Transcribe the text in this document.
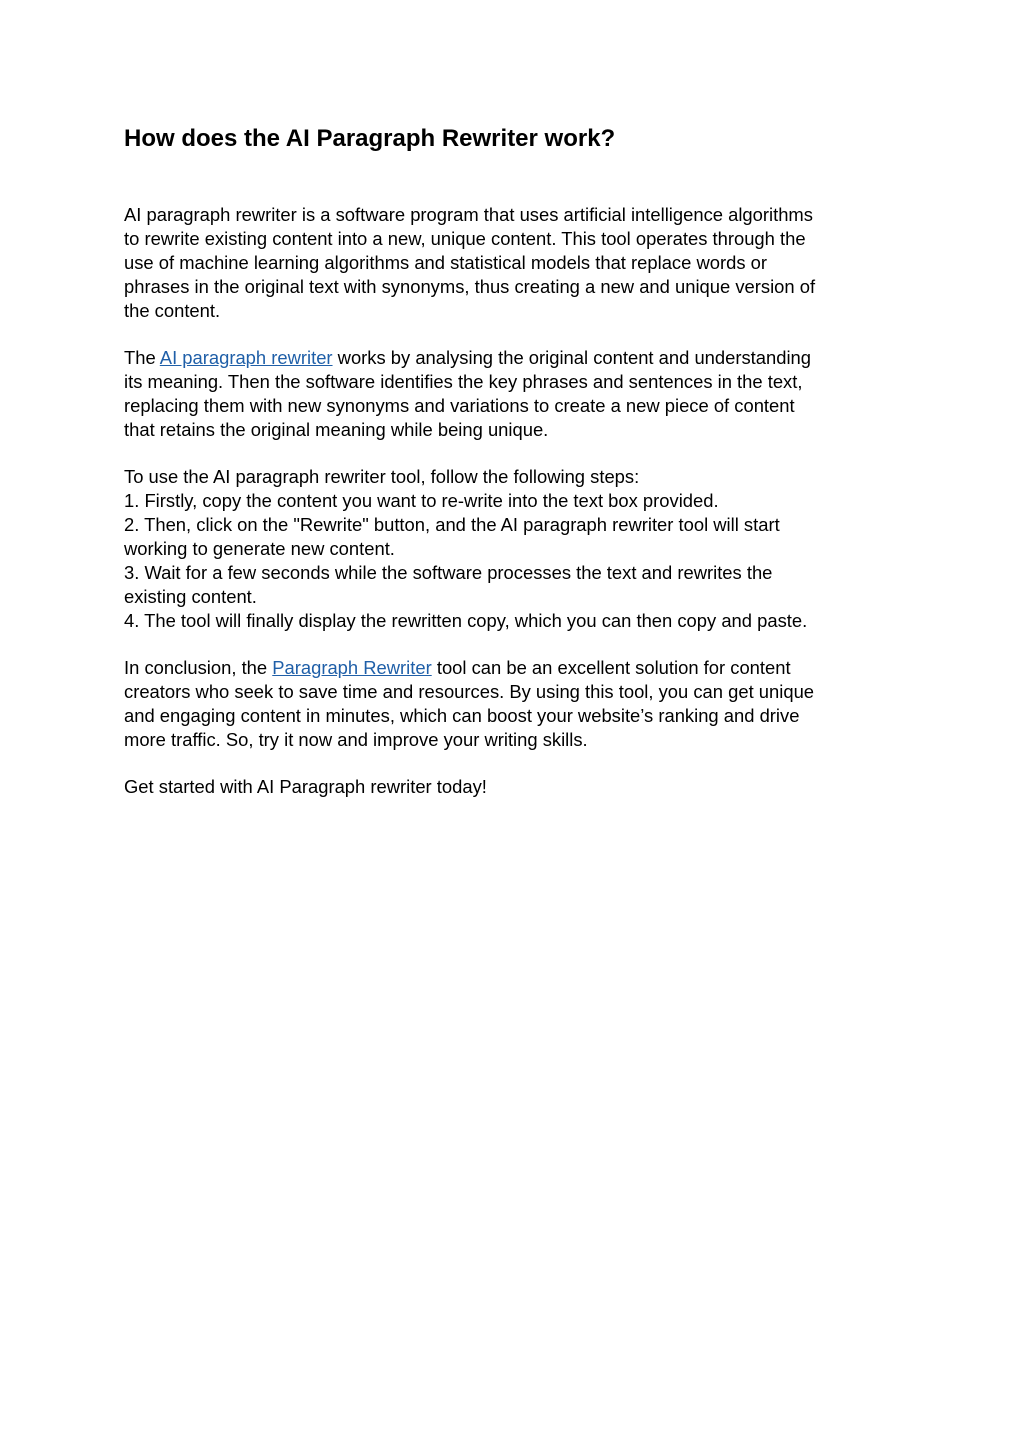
How does the AI Paragraph Rewriter work?

AI paragraph rewriter is a software program that uses artificial intelligence algorithms
to rewrite existing content into a new, unique content. This tool operates through the
use of machine learning algorithms and statistical models that replace words or
phrases in the original text with synonyms, thus creating a new and unique version of
the content.

The AI paragraph rewriter works by analysing the original content and understanding
its meaning. Then the software identifies the key phrases and sentences in the text,
replacing them with new synonyms and variations to create a new piece of content
that retains the original meaning while being unique.

To use the AI paragraph rewriter tool, follow the following steps:
1. Firstly, copy the content you want to re-write into the text box provided.
2. Then, click on the "Rewrite" button, and the AI paragraph rewriter tool will start
working to generate new content.
3. Wait for a few seconds while the software processes the text and rewrites the
existing content.
4. The tool will finally display the rewritten copy, which you can then copy and paste.

In conclusion, the Paragraph Rewriter tool can be an excellent solution for content
creators who seek to save time and resources. By using this tool, you can get unique
and engaging content in minutes, which can boost your website’s ranking and drive
more traffic. So, try it now and improve your writing skills.

Get started with AI Paragraph rewriter today!
